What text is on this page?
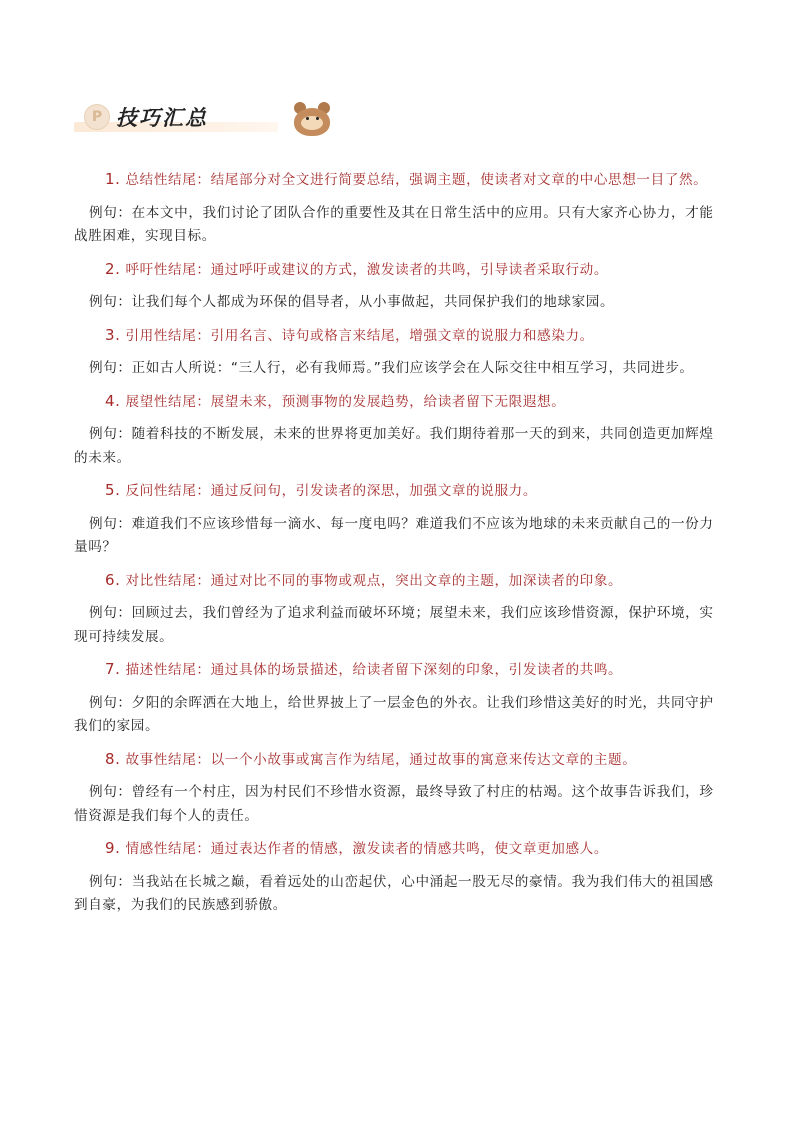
P 技巧汇总

1. 总结性结尾：结尾部分对全文进行简要总结，强调主题，使读者对文章的中心思想一目了然。

例句：在本文中，我们讨论了团队合作的重要性及其在日常生活中的应用。只有大家齐心协力，才能战胜困难，实现目标。

2. 呼吁性结尾：通过呼吁或建议的方式，激发读者的共鸣，引导读者采取行动。

例句：让我们每个人都成为环保的倡导者，从小事做起，共同保护我们的地球家园。

3. 引用性结尾：引用名言、诗句或格言来结尾，增强文章的说服力和感染力。

例句：正如古人所说：“三人行，必有我师焉。”我们应该学会在人际交往中相互学习，共同进步。

4. 展望性结尾：展望未来，预测事物的发展趋势，给读者留下无限遐想。

例句：随着科技的不断发展，未来的世界将更加美好。我们期待着那一天的到来，共同创造更加辉煌的未来。

5. 反问性结尾：通过反问句，引发读者的深思，加强文章的说服力。

例句：难道我们不应该珍惜每一滴水、每一度电吗？难道我们不应该为地球的未来贡献自己的一份力量吗？

6. 对比性结尾：通过对比不同的事物或观点，突出文章的主题，加深读者的印象。

例句：回顾过去，我们曾经为了追求利益而破坏环境；展望未来，我们应该珍惜资源，保护环境，实现可持续发展。

7. 描述性结尾：通过具体的场景描述，给读者留下深刻的印象，引发读者的共鸣。

例句：夕阳的余晖洒在大地上，给世界披上了一层金色的外衣。让我们珍惜这美好的时光，共同守护我们的家园。

8. 故事性结尾：以一个小故事或寓言作为结尾，通过故事的寓意来传达文章的主题。

例句：曾经有一个村庄，因为村民们不珍惜水资源，最终导致了村庄的枯竭。这个故事告诉我们，珍惜资源是我们每个人的责任。

9. 情感性结尾：通过表达作者的情感，激发读者的情感共鸣，使文章更加感人。

例句：当我站在长城之巅，看着远处的山峦起伏，心中涌起一股无尽的豪情。我为我们伟大的祖国感到自豪，为我们的民族感到骄傲。
